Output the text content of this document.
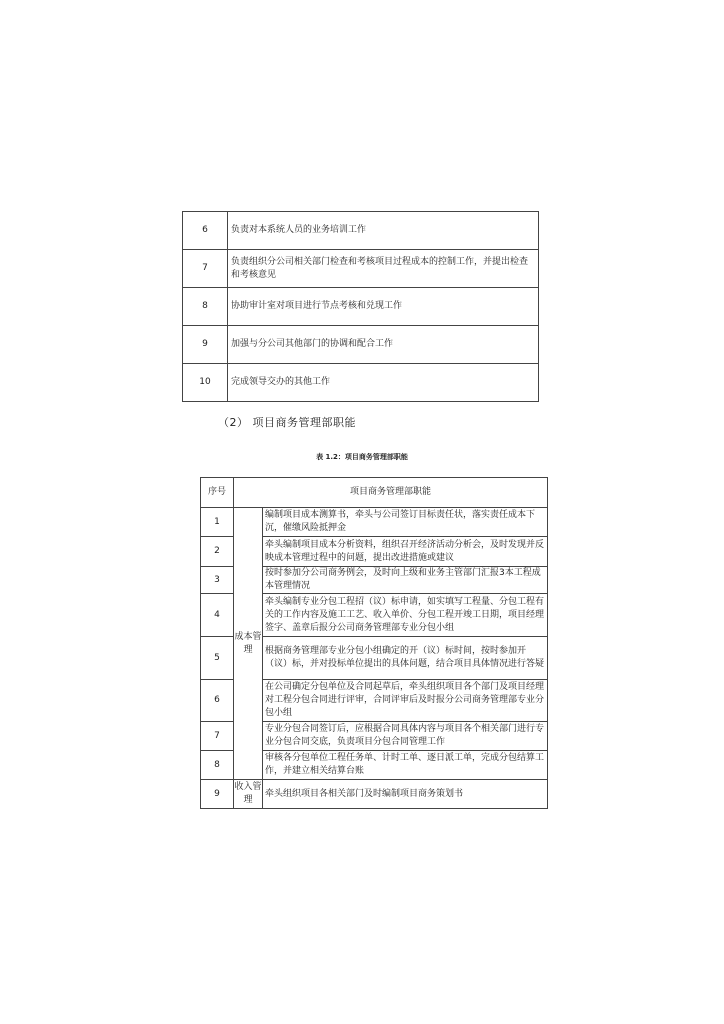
6	负责对本系统人员的业务培训工作
7	负责组织分公司相关部门检查和考核项目过程成本的控制工作，并提出检查和考核意见
8	协助审计室对项目进行节点考核和兑现工作
9	加强与分公司其他部门的协调和配合工作
10	完成领导交办的其他工作
（2） 项目商务管理部职能
表 1.2：项目商务管理部职能
序号	项目商务管理部职能	
1	成本管理	编制项目成本测算书，牵头与公司签订目标责任状，落实责任成本下沉，催缴风险抵押金
2		牵头编制项目成本分析资料，组织召开经济活动分析会，及时发现并反映成本管理过程中的问题，提出改进措施或建议
3		按时参加分公司商务例会，及时向上级和业务主管部门汇报3本工程成本管理情况
4		牵头编制专业分包工程招（议）标申请，如实填写工程量、分包工程有关的工作内容及施工工艺、收入单价、分包工程开竣工日期，项目经理签字、盖章后报分公司商务管理部专业分包小组
5		根据商务管理部专业分包小组确定的开（议）标时间，按时参加开（议）标，并对投标单位提出的具体问题，结合项目具体情况进行答疑
6		在公司确定分包单位及合同起草后，牵头组织项目各个部门及项目经理对工程分包合同进行评审，合同评审后及时报分公司商务管理部专业分包小组
7		专业分包合同签订后，应根据合同具体内容与项目各个相关部门进行专业分包合同交底，负责项目分包合同管理工作
8		审核各分包单位工程任务单、计时工单、逐日派工单，完成分包结算工作，并建立相关结算台账
9	收入管理	牵头组织项目各相关部门及时编制项目商务策划书
